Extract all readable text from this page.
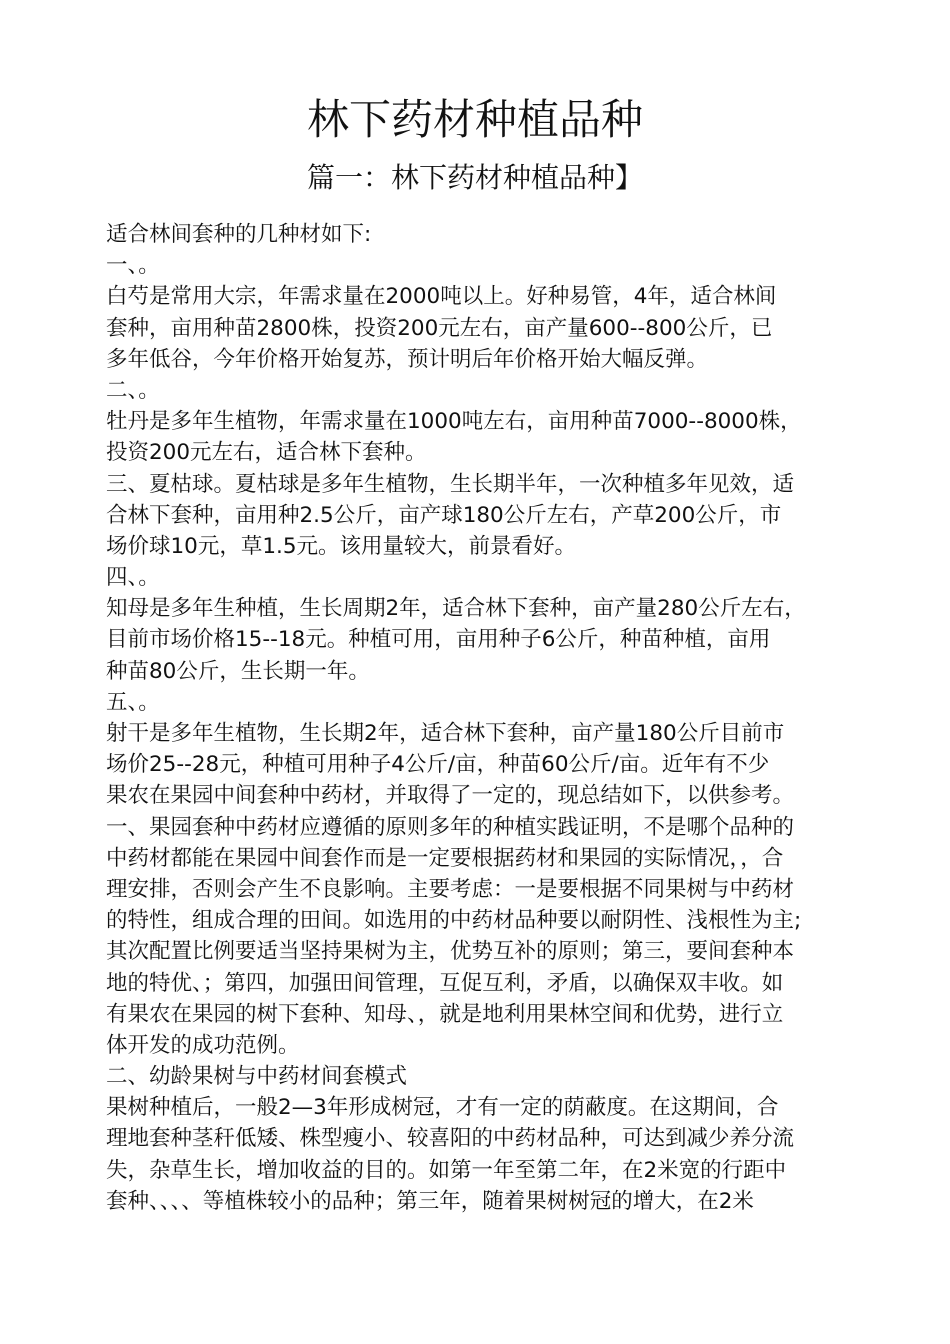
林下药材种植品种
篇一：林下药材种植品种】
适合林间套种的几种材如下:
一、。
白芍是常用大宗，年需求量在2000吨以上。好种易管，4年，适合林间
套种，亩用种苗2800株，投资200元左右，亩产量600--800公斤，已
多年低谷，今年价格开始复苏，预计明后年价格开始大幅反弹。
二、。
牡丹是多年生植物，年需求量在1000吨左右，亩用种苗7000--8000株，
投资200元左右，适合林下套种。
三、夏枯球。夏枯球是多年生植物，生长期半年，一次种植多年见效，适
合林下套种，亩用种2.5公斤，亩产球180公斤左右，产草200公斤，市
场价球10元，草1.5元。该用量较大，前景看好。
四、。
知母是多年生种植，生长周期2年，适合林下套种，亩产量280公斤左右，
目前市场价格15--18元。种植可用，亩用种子6公斤，种苗种植，亩用
种苗80公斤，生长期一年。
五、。
射干是多年生植物，生长期2年，适合林下套种，亩产量180公斤目前市
场价25--28元，种植可用种子4公斤/亩，种苗60公斤/亩。近年有不少
果农在果园中间套种中药材，并取得了一定的，现总结如下，以供参考。
一、果园套种中药材应遵循的原则多年的种植实践证明，不是哪个品种的
中药材都能在果园中间套作而是一定要根据药材和果园的实际情况，，合
理安排，否则会产生不良影响。主要考虑：一是要根据不同果树与中药材
的特性，组成合理的田间。如选用的中药材品种要以耐阴性、浅根性为主;
其次配置比例要适当坚持果树为主，优势互补的原则；第三，要间套种本
地的特优、；第四，加强田间管理，互促互利，矛盾，以确保双丰收。如
有果农在果园的树下套种、知母、，就是地利用果林空间和优势，进行立
体开发的成功范例。
二、幼龄果树与中药材间套模式
果树种植后，一般2—3年形成树冠，才有一定的荫蔽度。在这期间，合
理地套种茎秆低矮、株型瘦小、较喜阳的中药材品种，可达到减少养分流
失，杂草生长，增加收益的目的。如第一年至第二年，在2米宽的行距中
套种、、、、等植株较小的品种；第三年，随着果树树冠的增大，在2米
